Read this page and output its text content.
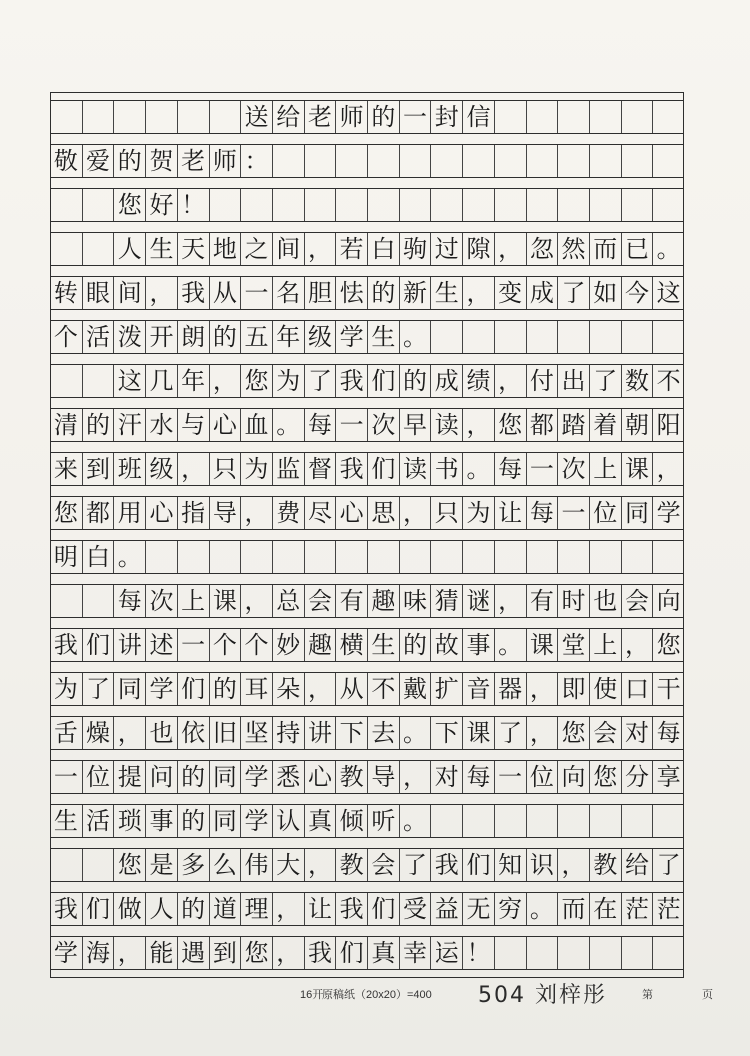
送 给 老 师 的 一 封 信
敬 爱 的 贺 老 师 ：
您 好 ！
人 生 天 地 之 间 ， 若 白 驹 过 隙 ， 忽 然 而 已 。
转 眼 间 ， 我 从 一 名 胆 怯 的 新 生 ， 变 成 了 如 今 这
个 活 泼 开 朗 的 五 年 级 学 生 。
这 几 年 ， 您 为 了 我 们 的 成 绩 ， 付 出 了 数 不
清 的 汗 水 与 心 血 。 每 一 次 早 读 ， 您 都 踏 着 朝 阳
来 到 班 级 ， 只 为 监 督 我 们 读 书 。 每 一 次 上 课 ，
您 都 用 心 指 导 ， 费 尽 心 思 ， 只 为 让 每 一 位 同 学
明 白 。
每 次 上 课 ， 总 会 有 趣 味 猜 谜 ， 有 时 也 会 向
我 们 讲 述 一 个 个 妙 趣 横 生 的 故 事 。 课 堂 上 ， 您
为 了 同 学 们 的 耳 朵 ， 从 不 戴 扩 音 器 ， 即 使 口 干
舌 燥 ， 也 依 旧 坚 持 讲 下 去 。 下 课 了 ， 您 会 对 每
一 位 提 问 的 同 学 悉 心 教 导 ， 对 每 一 位 向 您 分 享
生 活 琐 事 的 同 学 认 真 倾 听 。
您 是 多 么 伟 大 ， 教 会 了 我 们 知 识 ， 教 给 了
我 们 做 人 的 道 理 ， 让 我 们 受 益 无 穷 。 而 在 茫 茫
学 海 ， 能 遇 到 您 ， 我 们 真 幸 运 ！
16开
原稿纸（20x20）=400 504 刘梓彤	第	页
